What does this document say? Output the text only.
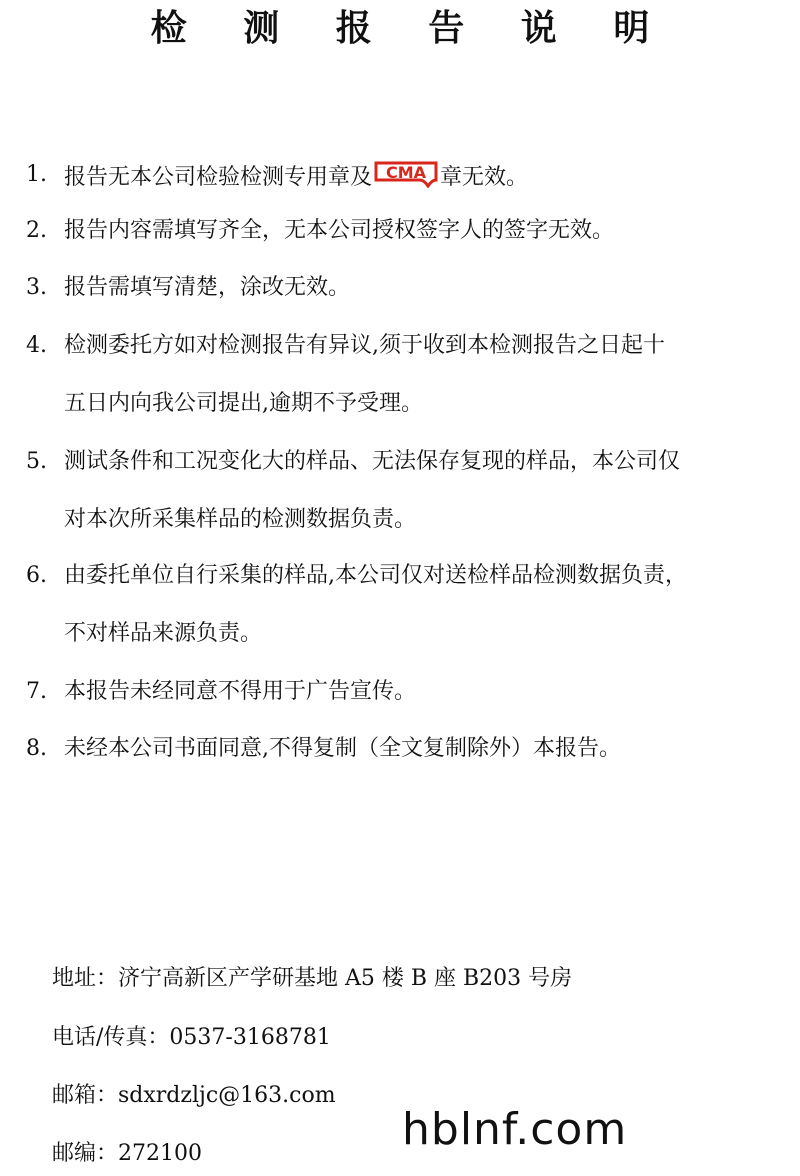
检 测 报 告 说 明
1. 报告无本公司检验检测专用章及 CMA 章无效。
2. 报告内容需填写齐全，无本公司授权签字人的签字无效。
3. 报告需填写清楚，涂改无效。
4. 检测委托方如对检测报告有异议,须于收到本检测报告之日起十
五日内向我公司提出,逾期不予受理。
5. 测试条件和工况变化大的样品、无法保存复现的样品，本公司仅
对本次所采集样品的检测数据负责。
6. 由委托单位自行采集的样品,本公司仅对送检样品检测数据负责，
不对样品来源负责。
7. 本报告未经同意不得用于广告宣传。
8. 未经本公司书面同意,不得复制（全文复制除外）本报告。
地址：济宁高新区产学研基地 A5 楼 B 座 B203 号房
电话/传真：0537-3168781
邮箱：sdxrdzljc@163.com
邮编：272100	hblnf.com
